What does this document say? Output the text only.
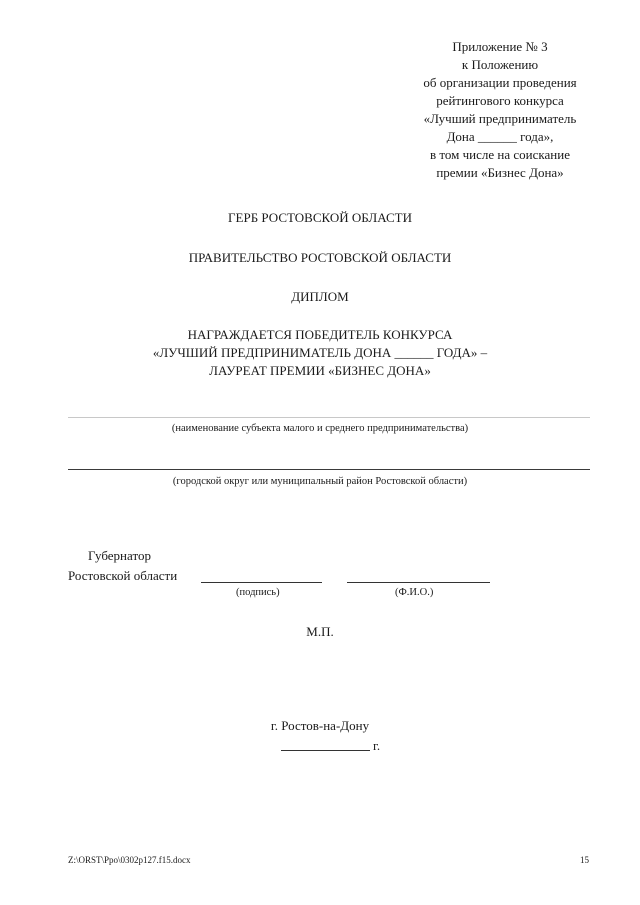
Приложение № 3
к Положению
об организации проведения
рейтингового конкурса
«Лучший предприниматель
Дона ______ года»,
в том числе на соискание
премии «Бизнес Дона»
ГЕРБ РОСТОВСКОЙ ОБЛАСТИ
ПРАВИТЕЛЬСТВО РОСТОВСКОЙ ОБЛАСТИ
ДИПЛОМ
НАГРАЖДАЕТСЯ ПОБЕДИТЕЛЬ КОНКУРСА
«ЛУЧШИЙ ПРЕДПРИНИМАТЕЛЬ ДОНА ______ ГОДА» –
ЛАУРЕАТ ПРЕМИИ «БИЗНЕС ДОНА»
(наименование субъекта малого и среднего предпринимательства)
(городской округ или муниципальный район Ростовской области)
Губернатор
Ростовской области
(подпись)	(Ф.И.О.)
М.П.
г. Ростов-на-Дону
г.
Z:\ORST\Ppo\0302p127.f15.docx	15
